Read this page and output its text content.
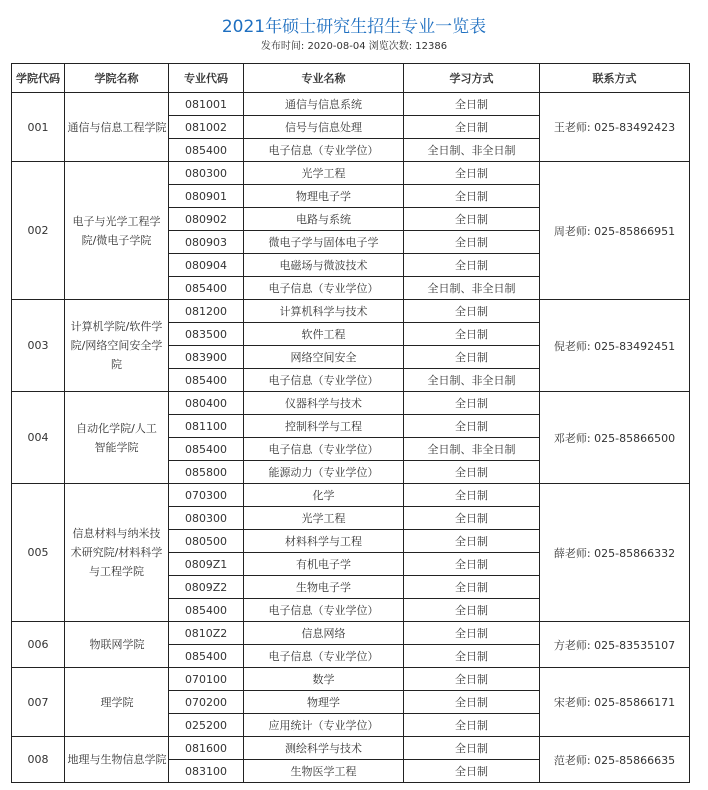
2021年硕士研究生招生专业一览表
发布时间: 2020-08-04 浏览次数: 12386
学院代码	学院名称	专业代码	专业名称	学习方式	联系方式
001	通信与信息工程学院	081001	通信与信息系统	全日制	王老师: 025-83492423
		081002	信号与信息处理	全日制	
		085400	电子信息（专业学位）	全日制、非全日制	
002	电子与光学工程学院/微电子学院	080300	光学工程	全日制	周老师: 025-85866951
		080901	物理电子学	全日制	
		080902	电路与系统	全日制	
		080903	微电子学与固体电子学	全日制	
		080904	电磁场与微波技术	全日制	
		085400	电子信息（专业学位）	全日制、非全日制	
003	计算机学院/软件学院/网络空间安全学院	081200	计算机科学与技术	全日制	倪老师: 025-83492451
		083500	软件工程	全日制	
		083900	网络空间安全	全日制	
		085400	电子信息（专业学位）	全日制、非全日制	
004	自动化学院/人工智能学院	080400	仪器科学与技术	全日制	邓老师: 025-85866500
		081100	控制科学与工程	全日制	
		085400	电子信息（专业学位）	全日制、非全日制	
		085800	能源动力（专业学位）	全日制	
005	信息材料与纳米技术研究院/材料科学与工程学院	070300	化学	全日制	薛老师: 025-85866332
		080300	光学工程	全日制	
		080500	材料科学与工程	全日制	
		0809Z1	有机电子学	全日制	
		0809Z2	生物电子学	全日制	
		085400	电子信息（专业学位）	全日制	
006	物联网学院	0810Z2	信息网络	全日制	方老师: 025-83535107
		085400	电子信息（专业学位）	全日制	
007	理学院	070100	数学	全日制	宋老师: 025-85866171
		070200	物理学	全日制	
		025200	应用统计（专业学位）	全日制	
008	地理与生物信息学院	081600	测绘科学与技术	全日制	范老师: 025-85866635
		083100	生物医学工程	全日制	
